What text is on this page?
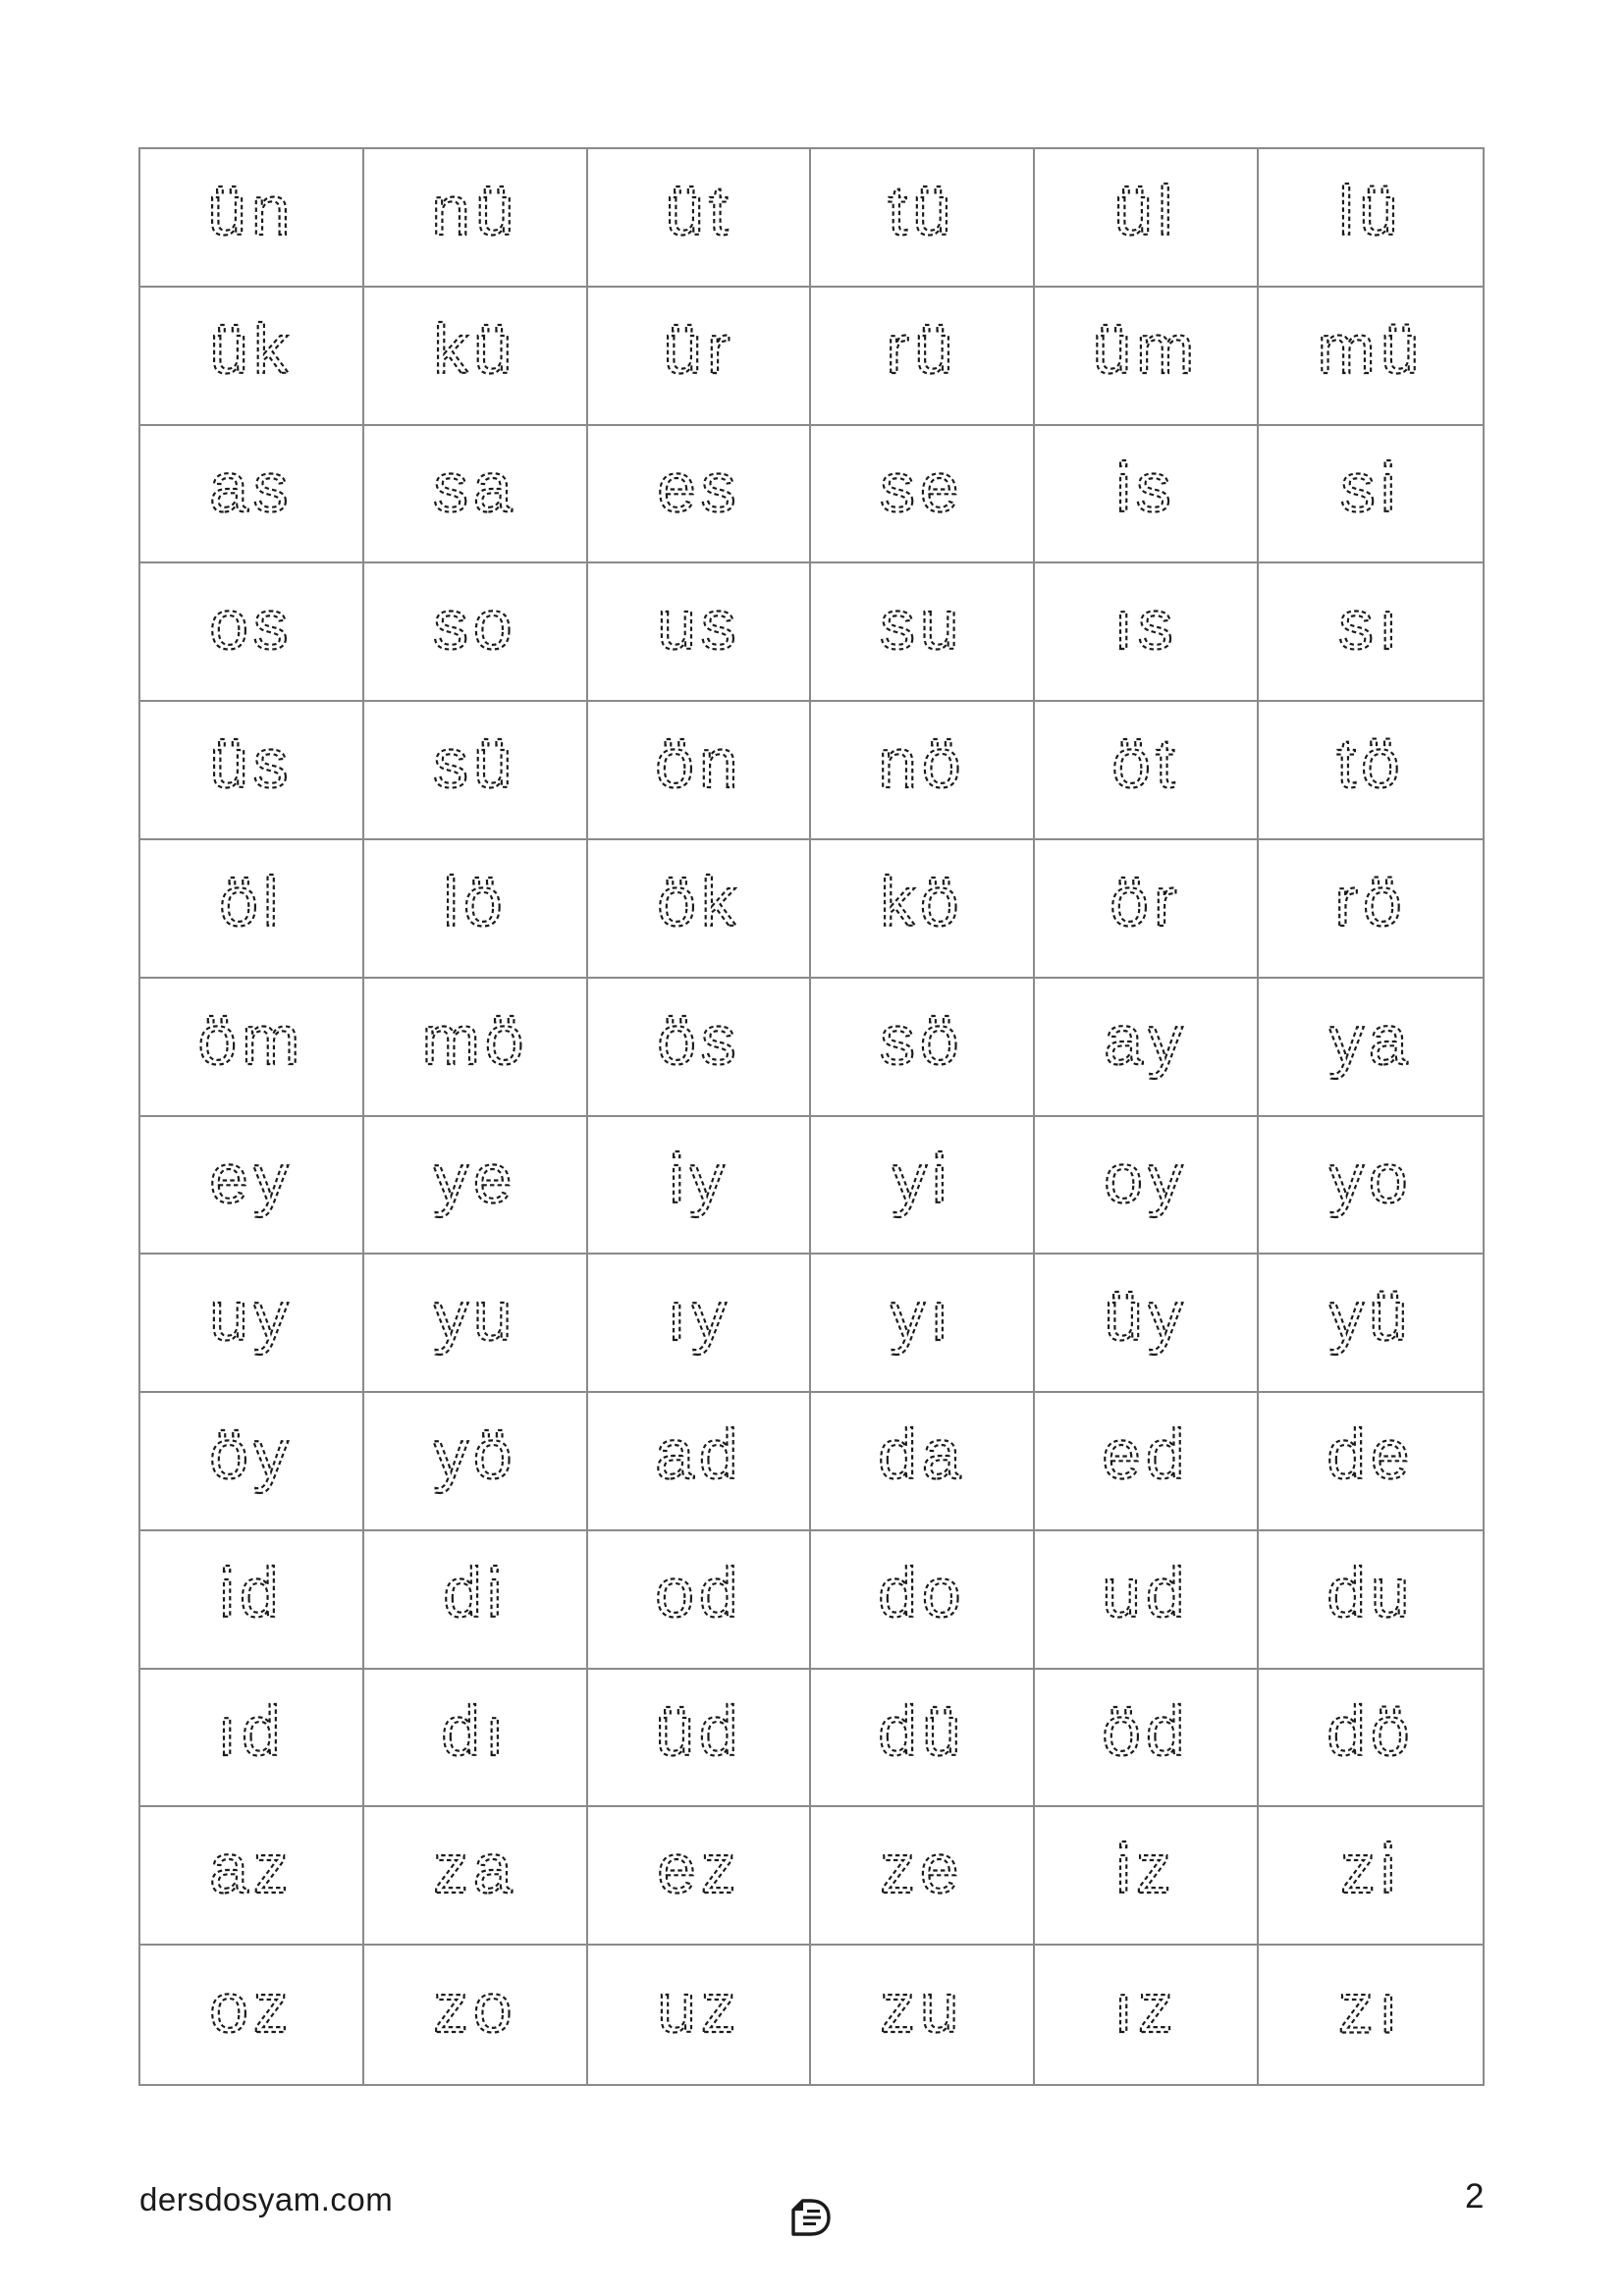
ün nü üt tü ül lü
ük kü ür rü üm mü
as sa es se is si
os so us su ıs sı
üs sü ön nö öt tö
öl lö ök kö ör rö
öm mö ös sö ay ya
ey ye iy yi oy yo
uy yu ıy yı üy yü
öy yö ad da ed de
id di od do ud du
ıd dı üd dü öd dö
az za ez ze iz zi
oz zo uz zu ız zı
dersdosyam.com	2
